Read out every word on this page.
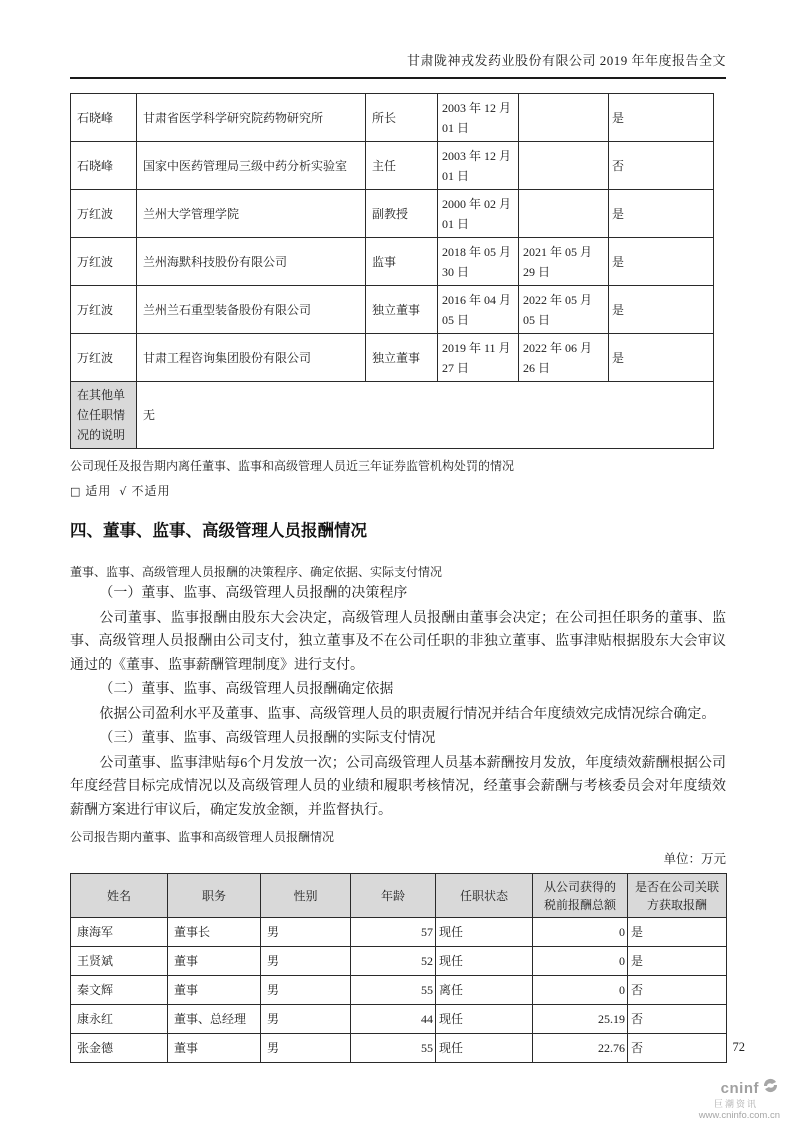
甘肃陇神戎发药业股份有限公司 2019 年年度报告全文
石晓峰	甘肃省医学科学研究院药物研究所	所长	2003 年 12 月 01 日		是
石晓峰	国家中医药管理局三级中药分析实验室	主任	2003 年 12 月 01 日		否
万红波	兰州大学管理学院	副教授	2000 年 02 月 01 日		是
万红波	兰州海默科技股份有限公司	监事	2018 年 05 月 30 日	2021 年 05 月 29 日	是
万红波	兰州兰石重型装备股份有限公司	独立董事	2016 年 04 月 05 日	2022 年 05 月 05 日	是
万红波	甘肃工程咨询集团股份有限公司	独立董事	2019 年 11 月 27 日	2022 年 06 月 26 日	是
在其他单位任职情况的说明	无				

公司现任及报告期内离任董事、监事和高级管理人员近三年证券监管机构处罚的情况

□ 适用 √ 不适用

四、董事、监事、高级管理人员报酬情况

董事、监事、高级管理人员报酬的决策程序、确定依据、实际支付情况

（一）董事、监事、高级管理人员报酬的决策程序

公司董事、监事报酬由股东大会决定，高级管理人员报酬由董事会决定；在公司担任职务的董事、监事、高级管理人员报酬由公司支付，独立董事及不在公司任职的非独立董事、监事津贴根据股东大会审议通过的《董事、监事薪酬管理制度》进行支付。

（二）董事、监事、高级管理人员报酬确定依据

依据公司盈利水平及董事、监事、高级管理人员的职责履行情况并结合年度绩效完成情况综合确定。

（三）董事、监事、高级管理人员报酬的实际支付情况

公司董事、监事津贴每6个月发放一次；公司高级管理人员基本薪酬按月发放，年度绩效薪酬根据公司年度经营目标完成情况以及高级管理人员的业绩和履职考核情况，经董事会薪酬与考核委员会对年度绩效薪酬方案进行审议后，确定发放金额，并监督执行。

公司报告期内董事、监事和高级管理人员报酬情况

单位：万元

姓名	职务	性别	年龄	任职状态	从公司获得的税前报酬总额	是否在公司关联方获取报酬
康海军	董事长	男	57	现任	0	是
王贤斌	董事	男	52	现任	0	是
秦文辉	董事	男	55	离任	0	否
康永红	董事、总经理	男	44	现任	25.19	否
张金德	董事	男	55	现任	22.76	否	72
cninf
巨潮资讯
www.cninfo.com.cn
